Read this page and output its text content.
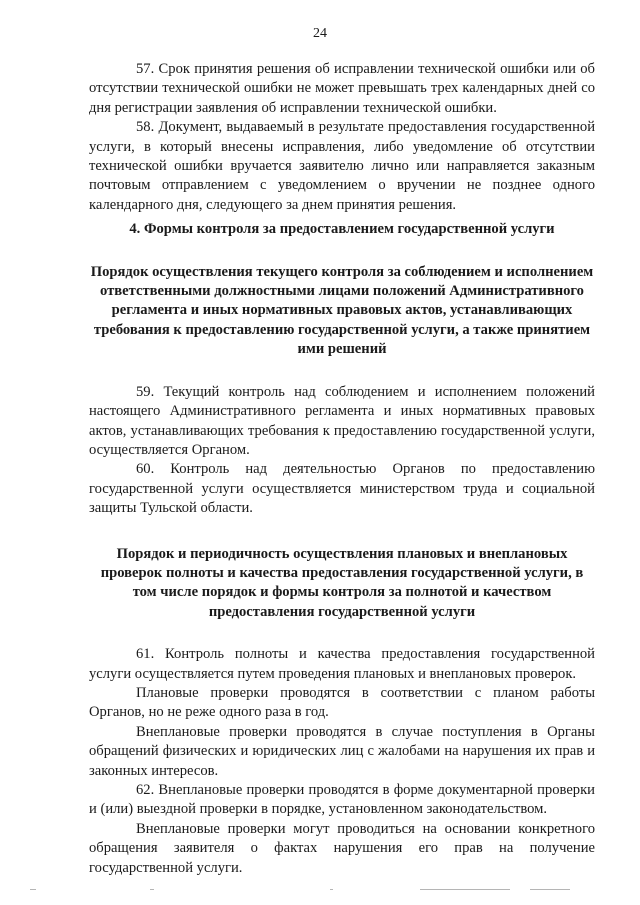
24

57. Срок принятия решения об исправлении технической ошибки или об отсутствии технической ошибки не может превышать трех календарных дней со дня регистрации заявления об исправлении технической ошибки.

58. Документ, выдаваемый в результате предоставления государственной услуги, в который внесены исправления, либо уведомление об отсутствии технической ошибки вручается заявителю лично или направляется заказным почтовым отправлением с уведомлением о вручении не позднее одного календарного дня, следующего за днем принятия решения.

4. Формы контроля за предоставлением государственной услуги

Порядок осуществления текущего контроля за соблюдением и исполнением ответственными должностными лицами положений Административного регламента и иных нормативных правовых актов, устанавливающих требования к предоставлению государственной услуги, а также принятием ими решений

59. Текущий контроль над соблюдением и исполнением положений настоящего Административного регламента и иных нормативных правовых актов, устанавливающих требования к предоставлению государственной услуги, осуществляется Органом.

60. Контроль над деятельностью Органов по предоставлению государственной услуги осуществляется министерством труда и социальной защиты Тульской области.

Порядок и периодичность осуществления плановых и внеплановых проверок полноты и качества предоставления государственной услуги, в том числе порядок и формы контроля за полнотой и качеством предоставления государственной услуги

61. Контроль полноты и качества предоставления государственной услуги осуществляется путем проведения плановых и внеплановых проверок.

Плановые проверки проводятся в соответствии с планом работы Органов, но не реже одного раза в год.

Внеплановые проверки проводятся в случае поступления в Органы обращений физических и юридических лиц с жалобами на нарушения их прав и законных интересов.

62. Внеплановые проверки проводятся в форме документарной проверки и (или) выездной проверки в порядке, установленном законодательством.

Внеплановые проверки могут проводиться на основании конкретного обращения заявителя о фактах нарушения его прав на получение государственной услуги.
